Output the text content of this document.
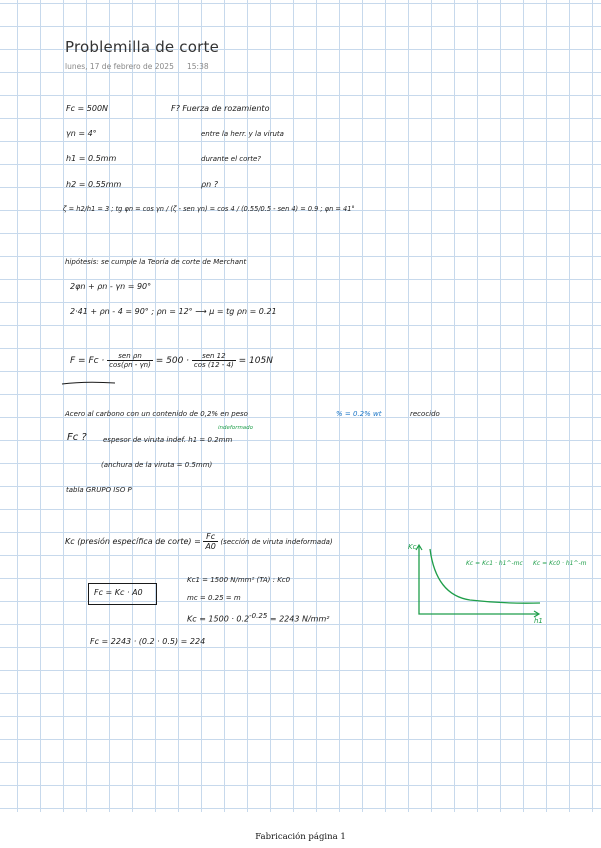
Problemilla de corte
lunes, 17 de febrero de 2025 15:38
Fc = 500N
γn = 4°
h1 = 0.5mm
h2 = 0.55mm
F? Fuerza de rozamiento
entre la herr. y la viruta
durante el corte?
ρn ?
ζ = h2/h1 = 3 ; tg φn = cos γn / (ζ - sen γn) = cos 4 / (0.55/0.5 - sen 4) = 0.9 ; φn = 41°
hipótesis: se cumple la Teoría de corte de Merchant
2φn + ρn - γn = 90°
2·41 + ρn - 4 = 90° ; ρn = 12° ⟶ μ = tg ρn = 0.21
$F = Fc \cdot \frac{\text{sen ρn}}{\cos(\rho n - \gamma n)} = 500 \cdot \frac{\text{sen 12}}{\cos (12 - 4)} = 105N$
Acero al carbono con un contenido de 0,2% en peso	% = 0.2% wt	recocido
indeformado
Fc ? espesor de viruta indef. h1 = 0.2mm
(anchura de la viruta = 0.5mm)
tabla GRUPO ISO P
Kc (presión específica de corte) = $\frac{Fc}{A0}$ (sección de viruta indeformada)
Fc = Kc · A0
Kc1 = 1500 N/mm² (TA) : Kc0
mc = 0.25 = m
$Kc = 1500 \cdot 0.2^{-0.25} = 2243$ N/mm²
Fc = 2243 · (0.2 · 0.5) = 224
Kc
h1
Kc = Kc1 · h1^-mc Kc = Kc0 · h1^-m
Fabricación página 1
